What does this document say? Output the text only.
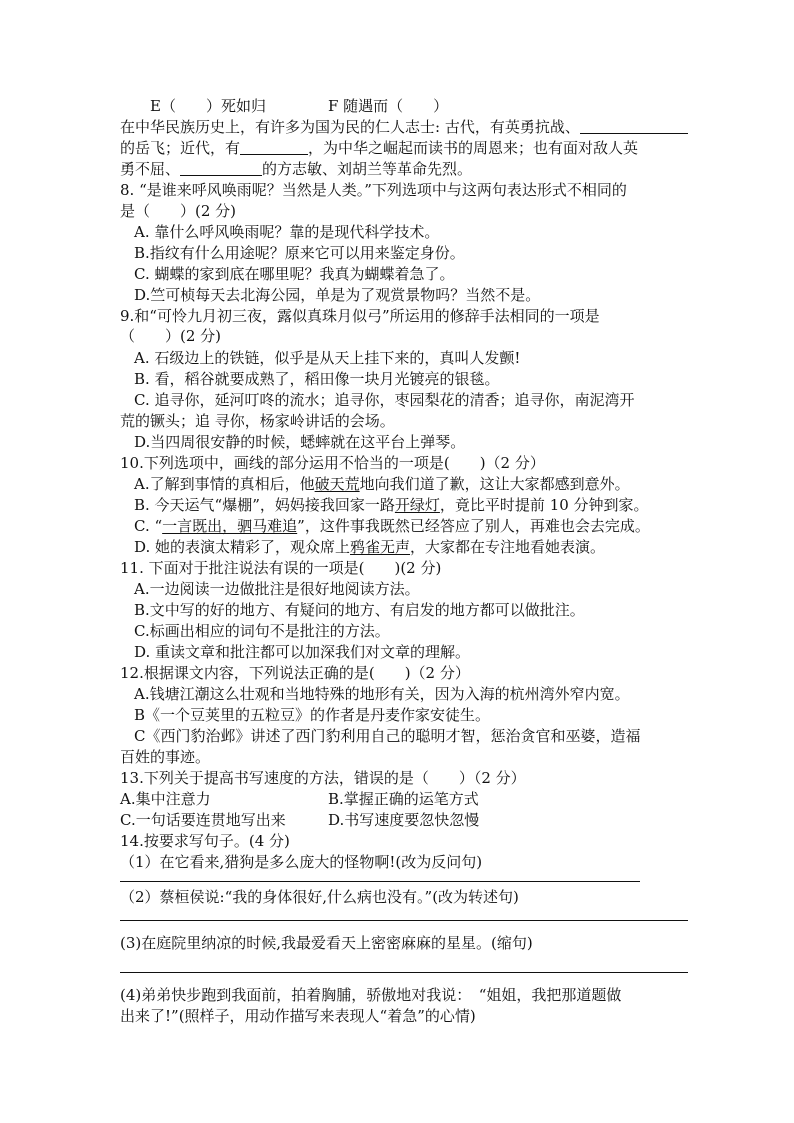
E（　　）死如归	F 随遇而（　　）
在中华民族历史上，有许多为国为民的仁人志士: 古代，有英勇抗战、
的岳飞；近代，有	，为中华之崛起而读书的周恩来；也有面对敌人英
勇不屈、	的方志敏、刘胡兰等革命先烈。
8. “是谁来呼风唤雨呢？当然是人类。”下列选项中与这两句表达形式不相同的
是（　　）(2 分)
A. 靠什么呼风唤雨呢？靠的是现代科学技术。
B.指纹有什么用途呢？原来它可以用来鉴定身份。
C. 蝴蝶的家到底在哪里呢？我真为蝴蝶着急了。
D.竺可桢每天去北海公园，单是为了观赏景物吗？当然不是。
9.和“可怜九月初三夜，露似真珠月似弓”所运用的修辞手法相同的一项是
（　　）(2 分)
A. 石级边上的铁链，似乎是从天上挂下来的，真叫人发颤!
B. 看，稻谷就要成熟了，稻田像一块月光镀亮的银毯。
C. 追寻你，延河叮咚的流水；追寻你，枣园梨花的清香；追寻你，南泥湾开
荒的镢头；追 寻你，杨家岭讲话的会场。
D.当四周很安静的时候，蟋蟀就在这平台上弹琴。
10.下列选项中，画线的部分运用不恰当的一项是(　　)（2 分）
A.了解到事情的真相后，他破天荒地向我们道了歉，这让大家都感到意外。
B. 今天运气“爆棚”，妈妈接我回家一路开绿灯，竟比平时提前 10 分钟到家。
C. “一言既出，驷马难追”，这件事我既然已经答应了别人，再难也会去完成。
D. 她的表演太精彩了，观众席上鸦雀无声，大家都在专注地看她表演。
11. 下面对于批注说法有误的一项是(　　)(2 分)
A.一边阅读一边做批注是很好地阅读方法。
B.文中写的好的地方、有疑问的地方、有启发的地方都可以做批注。
C.标画出相应的词句不是批注的方法。
D. 重读文章和批注都可以加深我们对文章的理解。
12.根据课文内容，下列说法正确的是(　　)（2 分）
A.钱塘江潮这么壮观和当地特殊的地形有关，因为入海的杭州湾外窄内宽。
B《一个豆荚里的五粒豆》的作者是丹麦作家安徒生。
C《西门豹治邺》讲述了西门豹利用自己的聪明才智，惩治贪官和巫婆，造福
百姓的事迹。
13.下列关于提高书写速度的方法，错误的是（　　）（2 分）
A.集中注意力	B.掌握正确的运笔方式
C.一句话要连贯地写出来	D.书写速度要忽快忽慢
14.按要求写句子。(4 分)
（1）在它看来,猎狗是多么庞大的怪物啊!(改为反问句)
（2）蔡桓侯说:“我的身体很好,什么病也没有。”(改为转述句)
(3)在庭院里纳凉的时候,我最爱看天上密密麻麻的星星。(缩句)
(4)弟弟快步跑到我面前，拍着胸脯，骄傲地对我说：　“姐姐，我把那道题做
出来了!”(照样子，用动作描写来表现人“着急”的心情)
